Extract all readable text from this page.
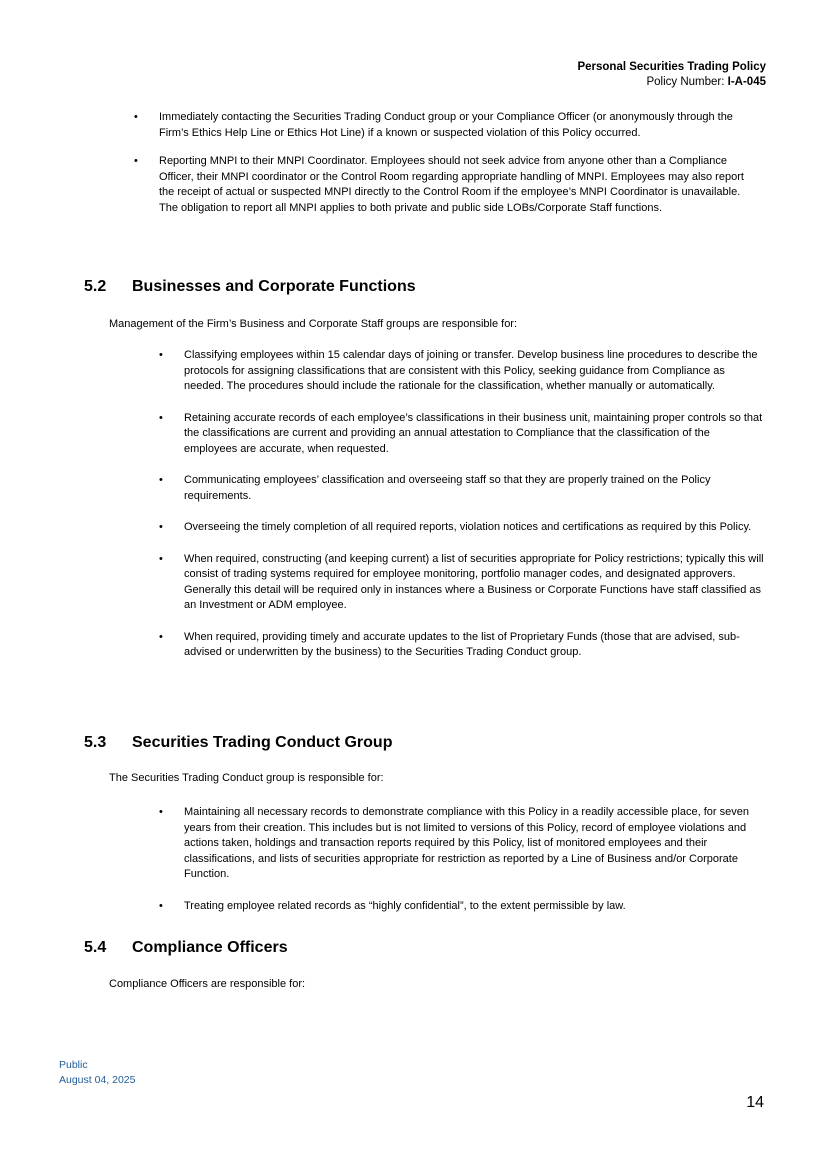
Personal Securities Trading Policy
Policy Number: I-A-045
• Immediately contacting the Securities Trading Conduct group or your Compliance Officer (or anonymously through the Firm’s Ethics Help Line or Ethics Hot Line) if a known or suspected violation of this Policy occurred.
• Reporting MNPI to their MNPI Coordinator. Employees should not seek advice from anyone other than a Compliance Officer, their MNPI coordinator or the Control Room regarding appropriate handling of MNPI. Employees may also report the receipt of actual or suspected MNPI directly to the Control Room if the employee’s MNPI Coordinator is unavailable. The obligation to report all MNPI applies to both private and public side LOBs/Corporate Staff functions.
5.2 Businesses and Corporate Functions
Management of the Firm’s Business and Corporate Staff groups are responsible for:
• Classifying employees within 15 calendar days of joining or transfer. Develop business line procedures to describe the protocols for assigning classifications that are consistent with this Policy, seeking guidance from Compliance as needed. The procedures should include the rationale for the classification, whether manually or automatically.
• Retaining accurate records of each employee’s classifications in their business unit, maintaining proper controls so that the classifications are current and providing an annual attestation to Compliance that the classification of the employees are accurate, when requested.
• Communicating employees’ classification and overseeing staff so that they are properly trained on the Policy requirements.
• Overseeing the timely completion of all required reports, violation notices and certifications as required by this Policy.
• When required, constructing (and keeping current) a list of securities appropriate for Policy restrictions; typically this will consist of trading systems required for employee monitoring, portfolio manager codes, and designated approvers. Generally this detail will be required only in instances where a Business or Corporate Functions have staff classified as an Investment or ADM employee.
• When required, providing timely and accurate updates to the list of Proprietary Funds (those that are advised, sub-advised or underwritten by the business) to the Securities Trading Conduct group.
5.3 Securities Trading Conduct Group
The Securities Trading Conduct group is responsible for:
• Maintaining all necessary records to demonstrate compliance with this Policy in a readily accessible place, for seven years from their creation. This includes but is not limited to versions of this Policy, record of employee violations and actions taken, holdings and transaction reports required by this Policy, list of monitored employees and their classifications, and lists of securities appropriate for restriction as reported by a Line of Business and/or Corporate Function.
• Treating employee related records as “highly confidential”, to the extent permissible by law.
5.4 Compliance Officers
Compliance Officers are responsible for:
Public
August 04, 2025
14
